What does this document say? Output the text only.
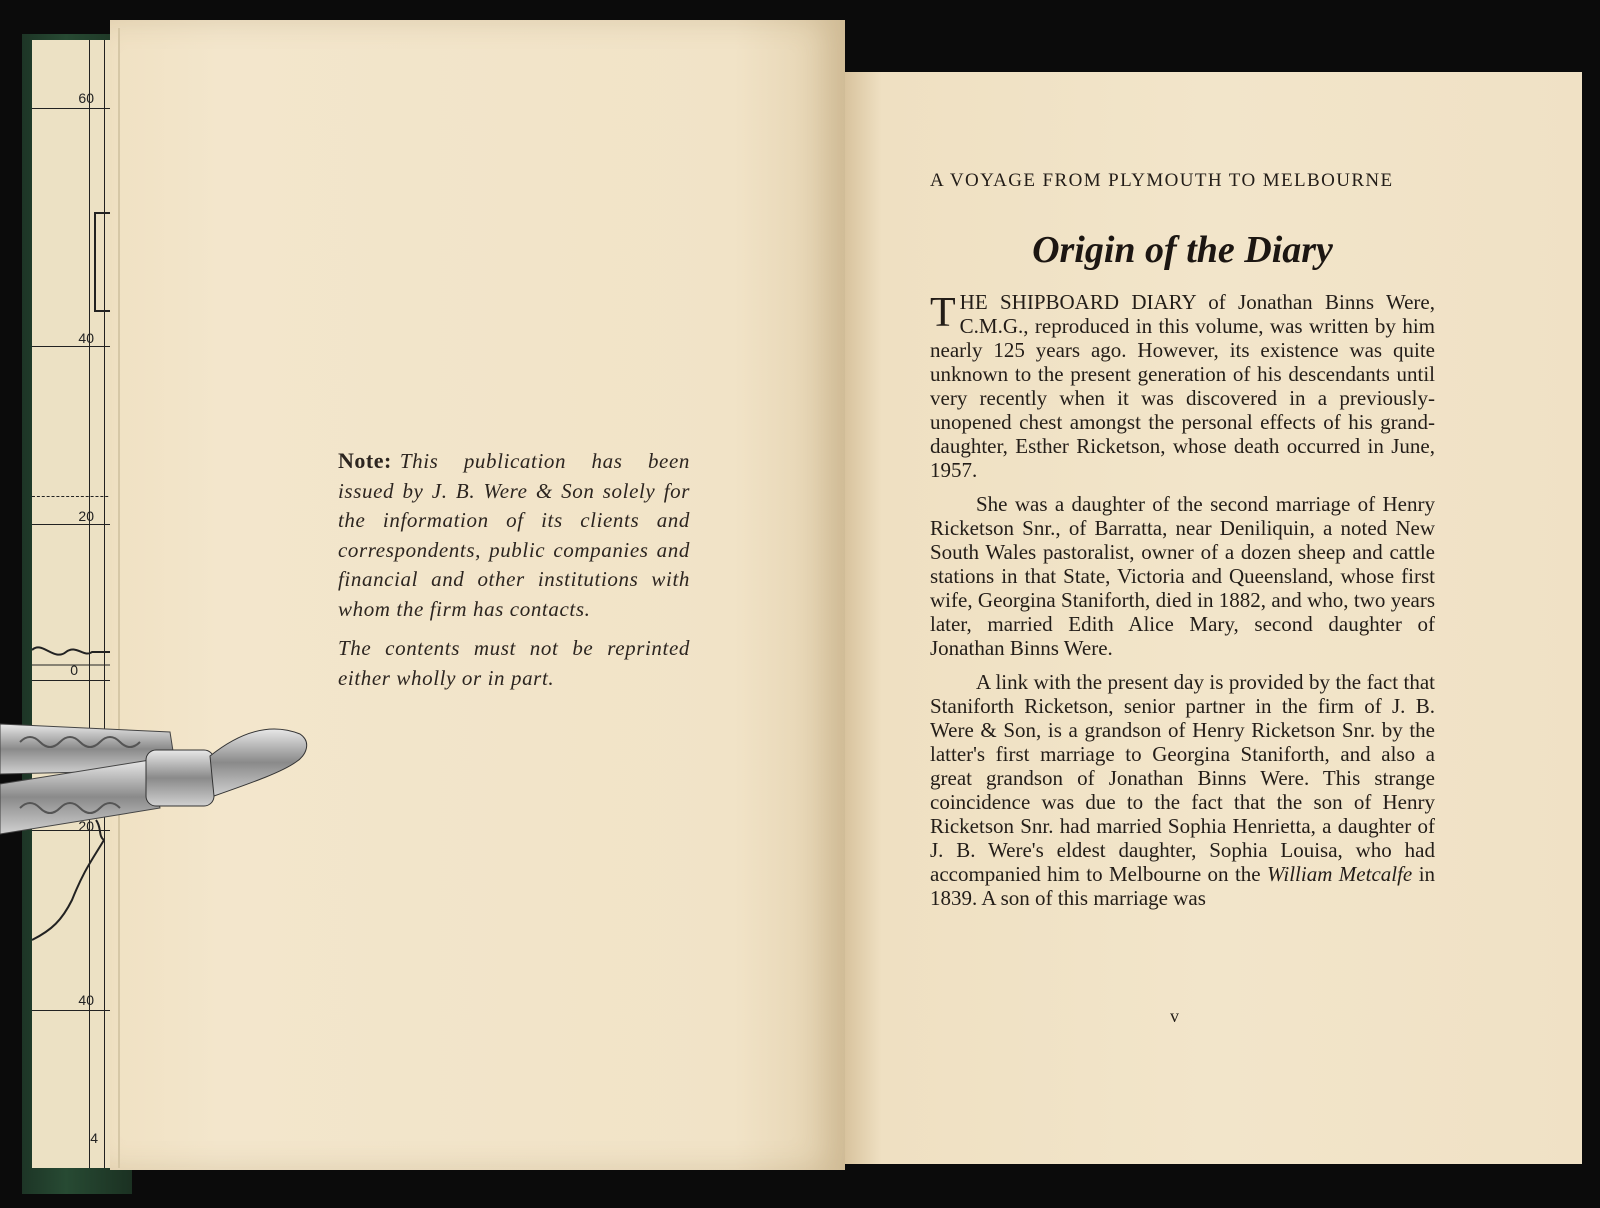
60
40
20
0
20
40
4

Note: This publication has been issued by J. B. Were & Son solely for the information of its clients and correspondents, public companies and financial and other institutions with whom the firm has contacts.

The contents must not be reprinted either wholly or in part.

A VOYAGE FROM PLYMOUTH TO MELBOURNE
Origin of the Diary

THE SHIPBOARD DIARY of Jonathan Binns Were, C.M.G., reproduced in this volume, was written by him nearly 125 years ago. However, its existence was quite unknown to the present generation of his descendants until very recently when it was discovered in a previously-unopened chest amongst the personal effects of his grand-daughter, Esther Ricketson, whose death occurred in June, 1957.

She was a daughter of the second marriage of Henry Ricketson Snr., of Barratta, near Deniliquin, a noted New South Wales pastoralist, owner of a dozen sheep and cattle stations in that State, Victoria and Queensland, whose first wife, Georgina Staniforth, died in 1882, and who, two years later, married Edith Alice Mary, second daughter of Jonathan Binns Were.

A link with the present day is provided by the fact that Staniforth Ricketson, senior partner in the firm of J. B. Were & Son, is a grandson of Henry Ricketson Snr. by the latter's first marriage to Georgina Staniforth, and also a great grandson of Jonathan Binns Were. This strange coincidence was due to the fact that the son of Henry Ricketson Snr. had married Sophia Henrietta, a daughter of J. B. Were's eldest daughter, Sophia Louisa, who had accompanied him to Melbourne on the William Metcalfe in 1839. A son of this marriage was

v
